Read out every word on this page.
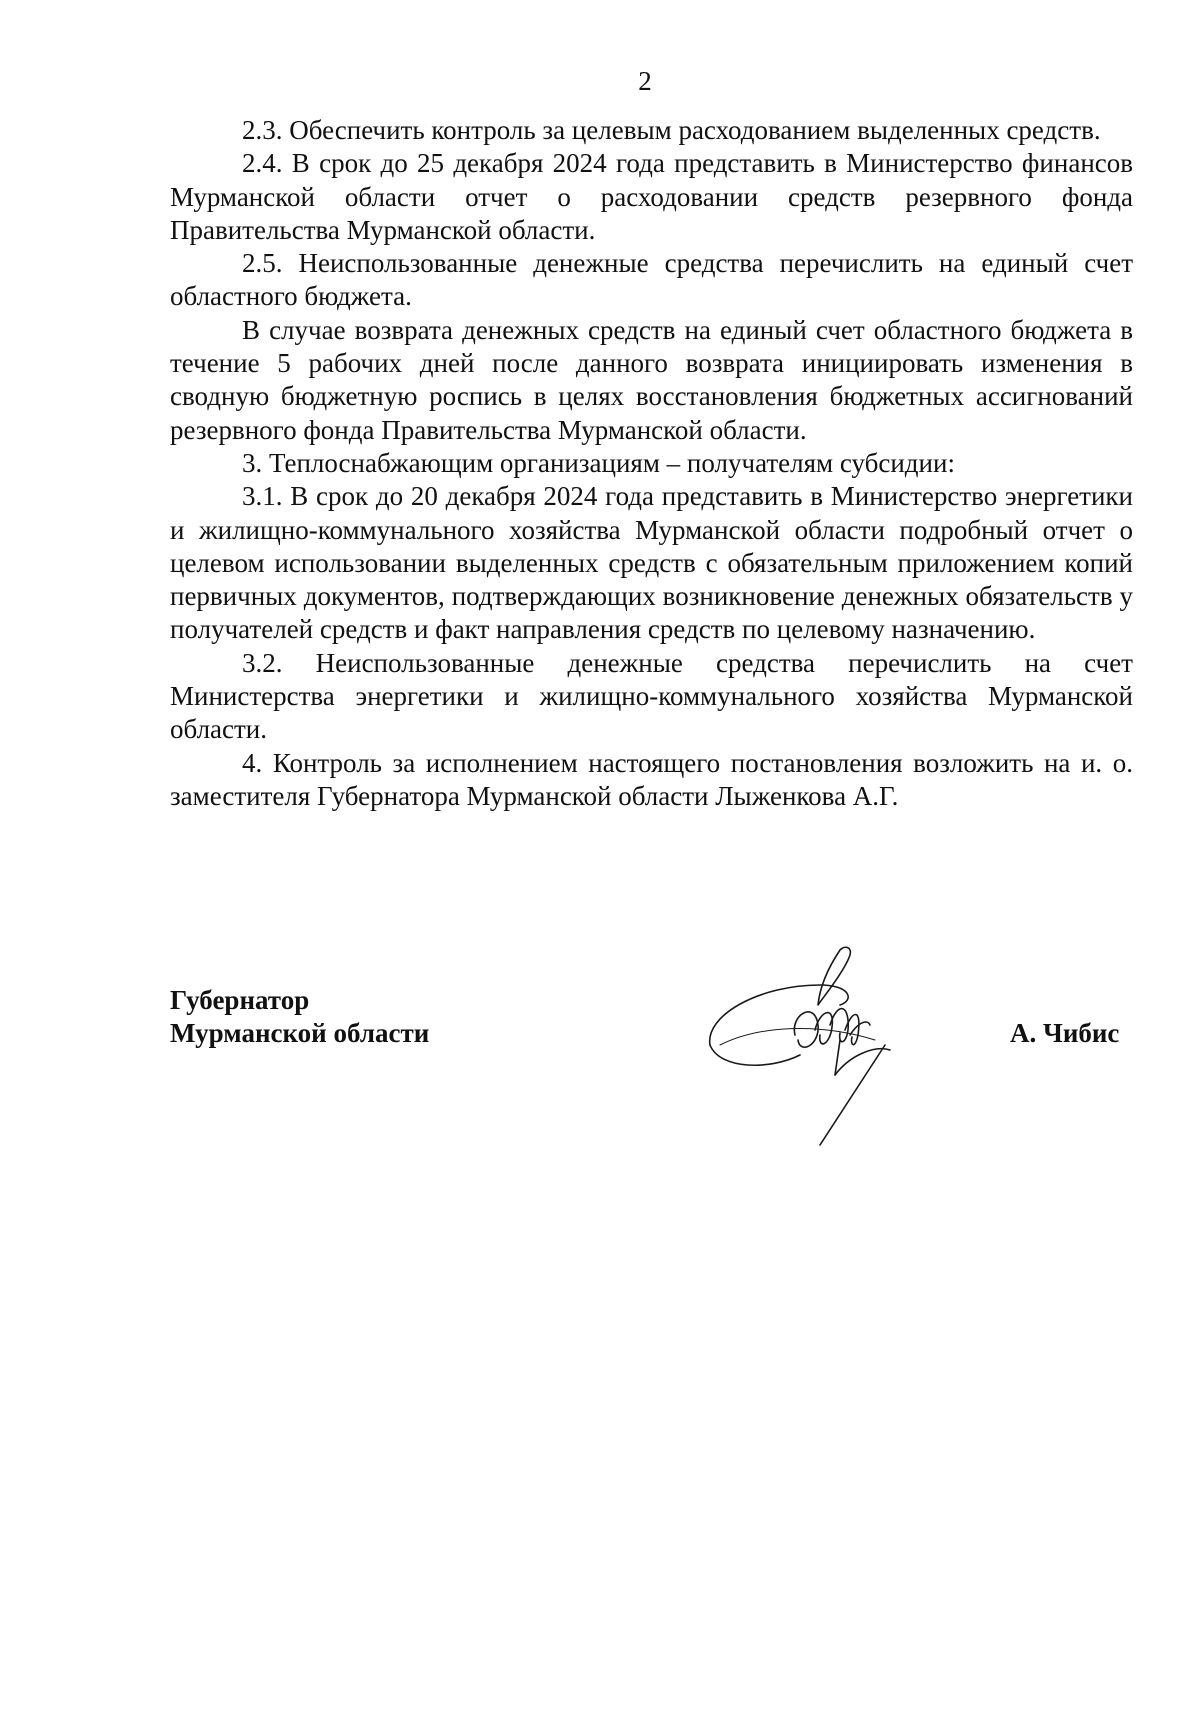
2

2.3. Обеспечить контроль за целевым расходованием выделенных средств.

2.4. В срок до 25 декабря 2024 года представить в Министерство финансов Мурманской области отчет о расходовании средств резервного фонда Правительства Мурманской области.

2.5. Неиспользованные денежные средства перечислить на единый счет областного бюджета.

В случае возврата денежных средств на единый счет областного бюджета в течение 5 рабочих дней после данного возврата инициировать изменения в сводную бюджетную роспись в целях восстановления бюджетных ассигнований резервного фонда Правительства Мурманской области.

3. Теплоснабжающим организациям – получателям субсидии:

3.1. В срок до 20 декабря 2024 года представить в Министерство энергетики и жилищно-коммунального хозяйства Мурманской области подробный отчет о целевом использовании выделенных средств с обязательным приложением копий первичных документов, подтверждающих возникновение денежных обязательств у получателей средств и факт направления средств по целевому назначению.

3.2. Неиспользованные денежные средства перечислить на счет Министерства энергетики и жилищно-коммунального хозяйства Мурманской области.

4. Контроль за исполнением настоящего постановления возложить на и. о. заместителя Губернатора Мурманской области Лыженкова А.Г.

Губернатор
Мурманской области	А. Чибис
